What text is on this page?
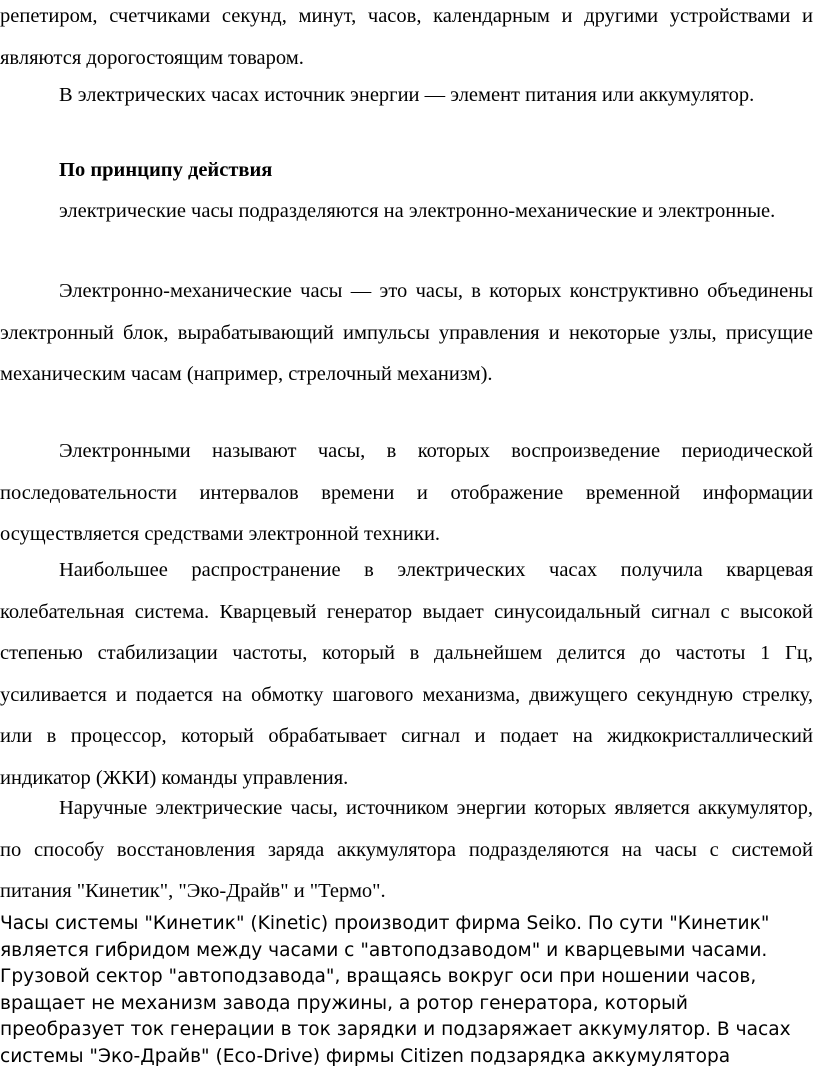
репетиром, счетчиками секунд, минут, часов, календарным и другими устройствами и являются дорогостоящим товаром.

В электрических часах источник энергии — элемент питания или аккумулятор.

По принципу действия

электрические часы подразделяются на электронно-механические и электронные.

Электронно-механические часы — это часы, в которых конструктивно объединены электронный блок, вырабатывающий импульсы управления и некоторые узлы, присущие механическим часам (например, стрелочный механизм).

Электронными называют часы, в которых воспроизведение периодической последовательности интервалов времени и отображение временной информации осуществляется средствами электронной техники.

Наибольшее распространение в электрических часах получила кварцевая колебательная система. Кварцевый генератор выдает синусоидальный сигнал с высокой степенью стабилизации частоты, который в дальнейшем делится до частоты 1 Гц, усиливается и подается на обмотку шагового механизма, движущего секундную стрелку, или в процессор, который обрабатывает сигнал и подает на жидкокристаллический индикатор (ЖКИ) команды управления.

Наручные электрические часы, источником энергии которых является аккумулятор, по способу восстановления заряда аккумулятора подразделяются на часы с системой питания "Кинетик", "Эко-Драйв" и "Термо".

Часы системы "Кинетик" (Kinetic) производит фирма Seiko. По сути "Кинетик" является гибридом между часами с "автоподзаводом" и кварцевыми часами. Грузовой сектор "автоподзавода", вращаясь вокруг оси при ношении часов, вращает не механизм завода пружины, а ротор генератора, который преобразует ток генерации в ток зарядки и подзаряжает аккумулятор. В часах системы "Эко-Драйв" (Eco-Drive) фирмы Citizen подзарядка аккумулятора
